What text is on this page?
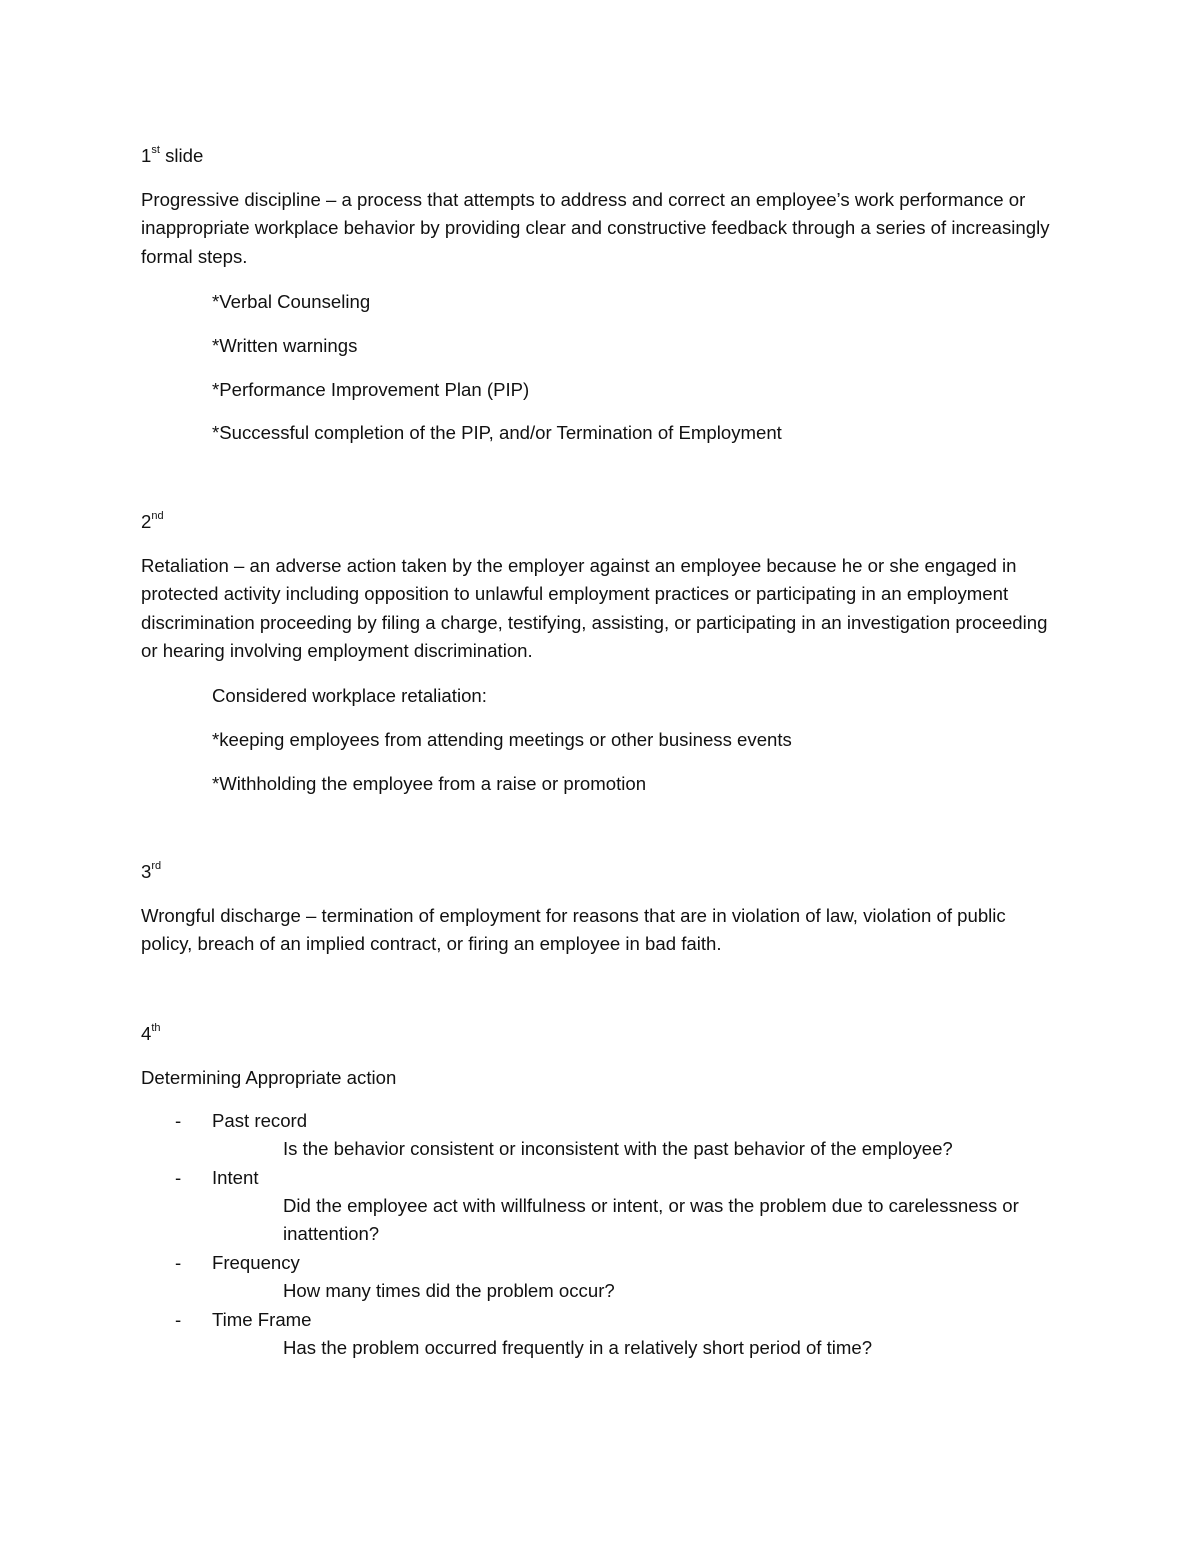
1st slide

Progressive discipline – a process that attempts to address and correct an employee’s work performance or inappropriate workplace behavior by providing clear and constructive feedback through a series of increasingly formal steps.

*Verbal Counseling

*Written warnings

*Performance Improvement Plan (PIP)

*Successful completion of the PIP, and/or Termination of Employment

2nd

Retaliation – an adverse action taken by the employer against an employee because he or she engaged in protected activity including opposition to unlawful employment practices or participating in an employment discrimination proceeding by filing a charge, testifying, assisting, or participating in an investigation proceeding or hearing involving employment discrimination.

Considered workplace retaliation:

*keeping employees from attending meetings or other business events

*Withholding the employee from a raise or promotion

3rd

Wrongful discharge – termination of employment for reasons that are in violation of law, violation of public policy, breach of an implied contract, or firing an employee in bad faith.

4th

Determining Appropriate action

- Past record

Is the behavior consistent or inconsistent with the past behavior of the employee?

- Intent

Did the employee act with willfulness or intent, or was the problem due to carelessness or inattention?

- Frequency

How many times did the problem occur?

- Time Frame

Has the problem occurred frequently in a relatively short period of time?
